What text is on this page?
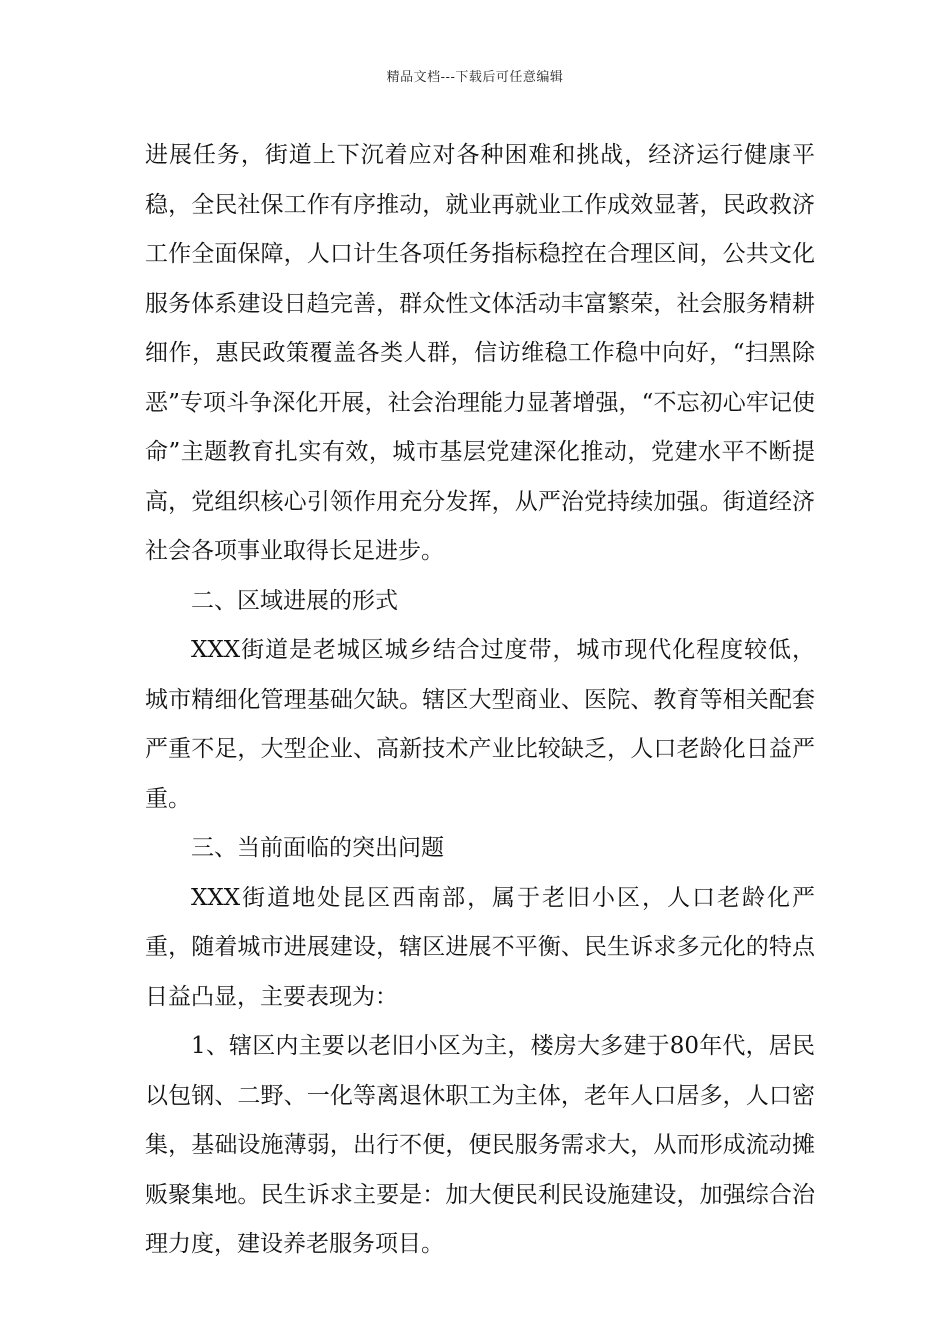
精品文档---下载后可任意编辑

进展任务，街道上下沉着应对各种困难和挑战，经济运行健康平稳，全民社保工作有序推动，就业再就业工作成效显著，民政救济工作全面保障，人口计生各项任务指标稳控在合理区间，公共文化服务体系建设日趋完善，群众性文体活动丰富繁荣，社会服务精耕细作，惠民政策覆盖各类人群，信访维稳工作稳中向好，“扫黑除恶”专项斗争深化开展，社会治理能力显著增强，“不忘初心牢记使命”主题教育扎实有效，城市基层党建深化推动，党建水平不断提高，党组织核心引领作用充分发挥，从严治党持续加强。街道经济社会各项事业取得长足进步。

二、区域进展的形式

XXX街道是老城区城乡结合过度带，城市现代化程度较低，城市精细化管理基础欠缺。辖区大型商业、医院、教育等相关配套严重不足，大型企业、高新技术产业比较缺乏，人口老龄化日益严重。

三、当前面临的突出问题

XXX街道地处昆区西南部，属于老旧小区，人口老龄化严重，随着城市进展建设，辖区进展不平衡、民生诉求多元化的特点日益凸显，主要表现为：

1、辖区内主要以老旧小区为主，楼房大多建于80年代，居民以包钢、二野、一化等离退休职工为主体，老年人口居多，人口密集，基础设施薄弱，出行不便，便民服务需求大，从而形成流动摊贩聚集地。民生诉求主要是：加大便民利民设施建设，加强综合治理力度，建设养老服务项目。
